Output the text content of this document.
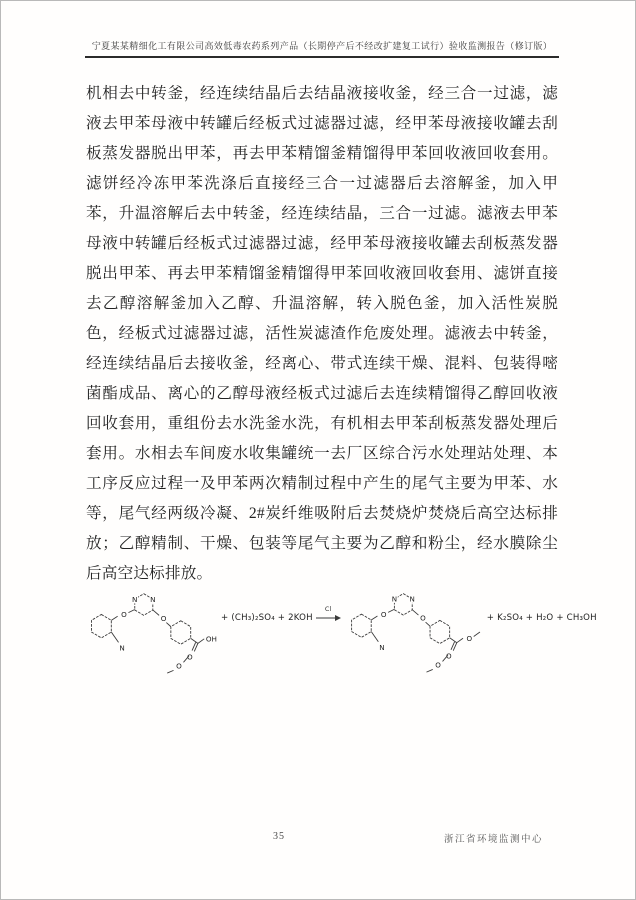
宁夏某某精细化工有限公司高效低毒农药系列产品（长期停产后不经改扩建复工试行）验收监测报告（修订版）
机相去中转釜，经连续结晶后去结晶液接收釜，经三合一过滤，滤液去甲苯母液中转罐后经板式过滤器过滤，经甲苯母液接收罐去刮板蒸发器脱出甲苯，再去甲苯精馏釜精馏得甲苯回收液回收套用。滤饼经冷冻甲苯洗涤后直接经三合一过滤器后去溶解釜，加入甲苯，升温溶解后去中转釜，经连续结晶，三合一过滤。滤液去甲苯母液中转罐后经板式过滤器过滤，经甲苯母液接收罐去刮板蒸发器脱出甲苯、再去甲苯精馏釜精馏得甲苯回收液回收套用、滤饼直接去乙醇溶解釜加入乙醇、升温溶解，转入脱色釜，加入活性炭脱色，经板式过滤器过滤，活性炭滤渣作危废处理。滤液去中转釜，经连续结晶后去接收釜，经离心、带式连续干燥、混料、包装得嘧菌酯成品、离心的乙醇母液经板式过滤后去连续精馏得乙醇回收液回收套用，重组份去水洗釜水洗，有机相去甲苯刮板蒸发器处理后套用。水相去车间废水收集罐统一去厂区综合污水处理站处理、本工序反应过程一及甲苯两次精制过程中产生的尾气主要为甲苯、水等，尾气经两级冷凝、2#炭纤维吸附后去焚烧炉焚烧后高空达标排放；乙醇精制、干燥、包装等尾气主要为乙醇和粉尘，经水膜除尘后高空达标排放。
N
O
N N
O
OH
O
O
+ (CH₃)₂SO₄ + 2KOH
Cl
N
O
N N
O
O
O
O
+ K₂SO₄ + H₂O + CH₃OH
35	浙江省环境监测中心
